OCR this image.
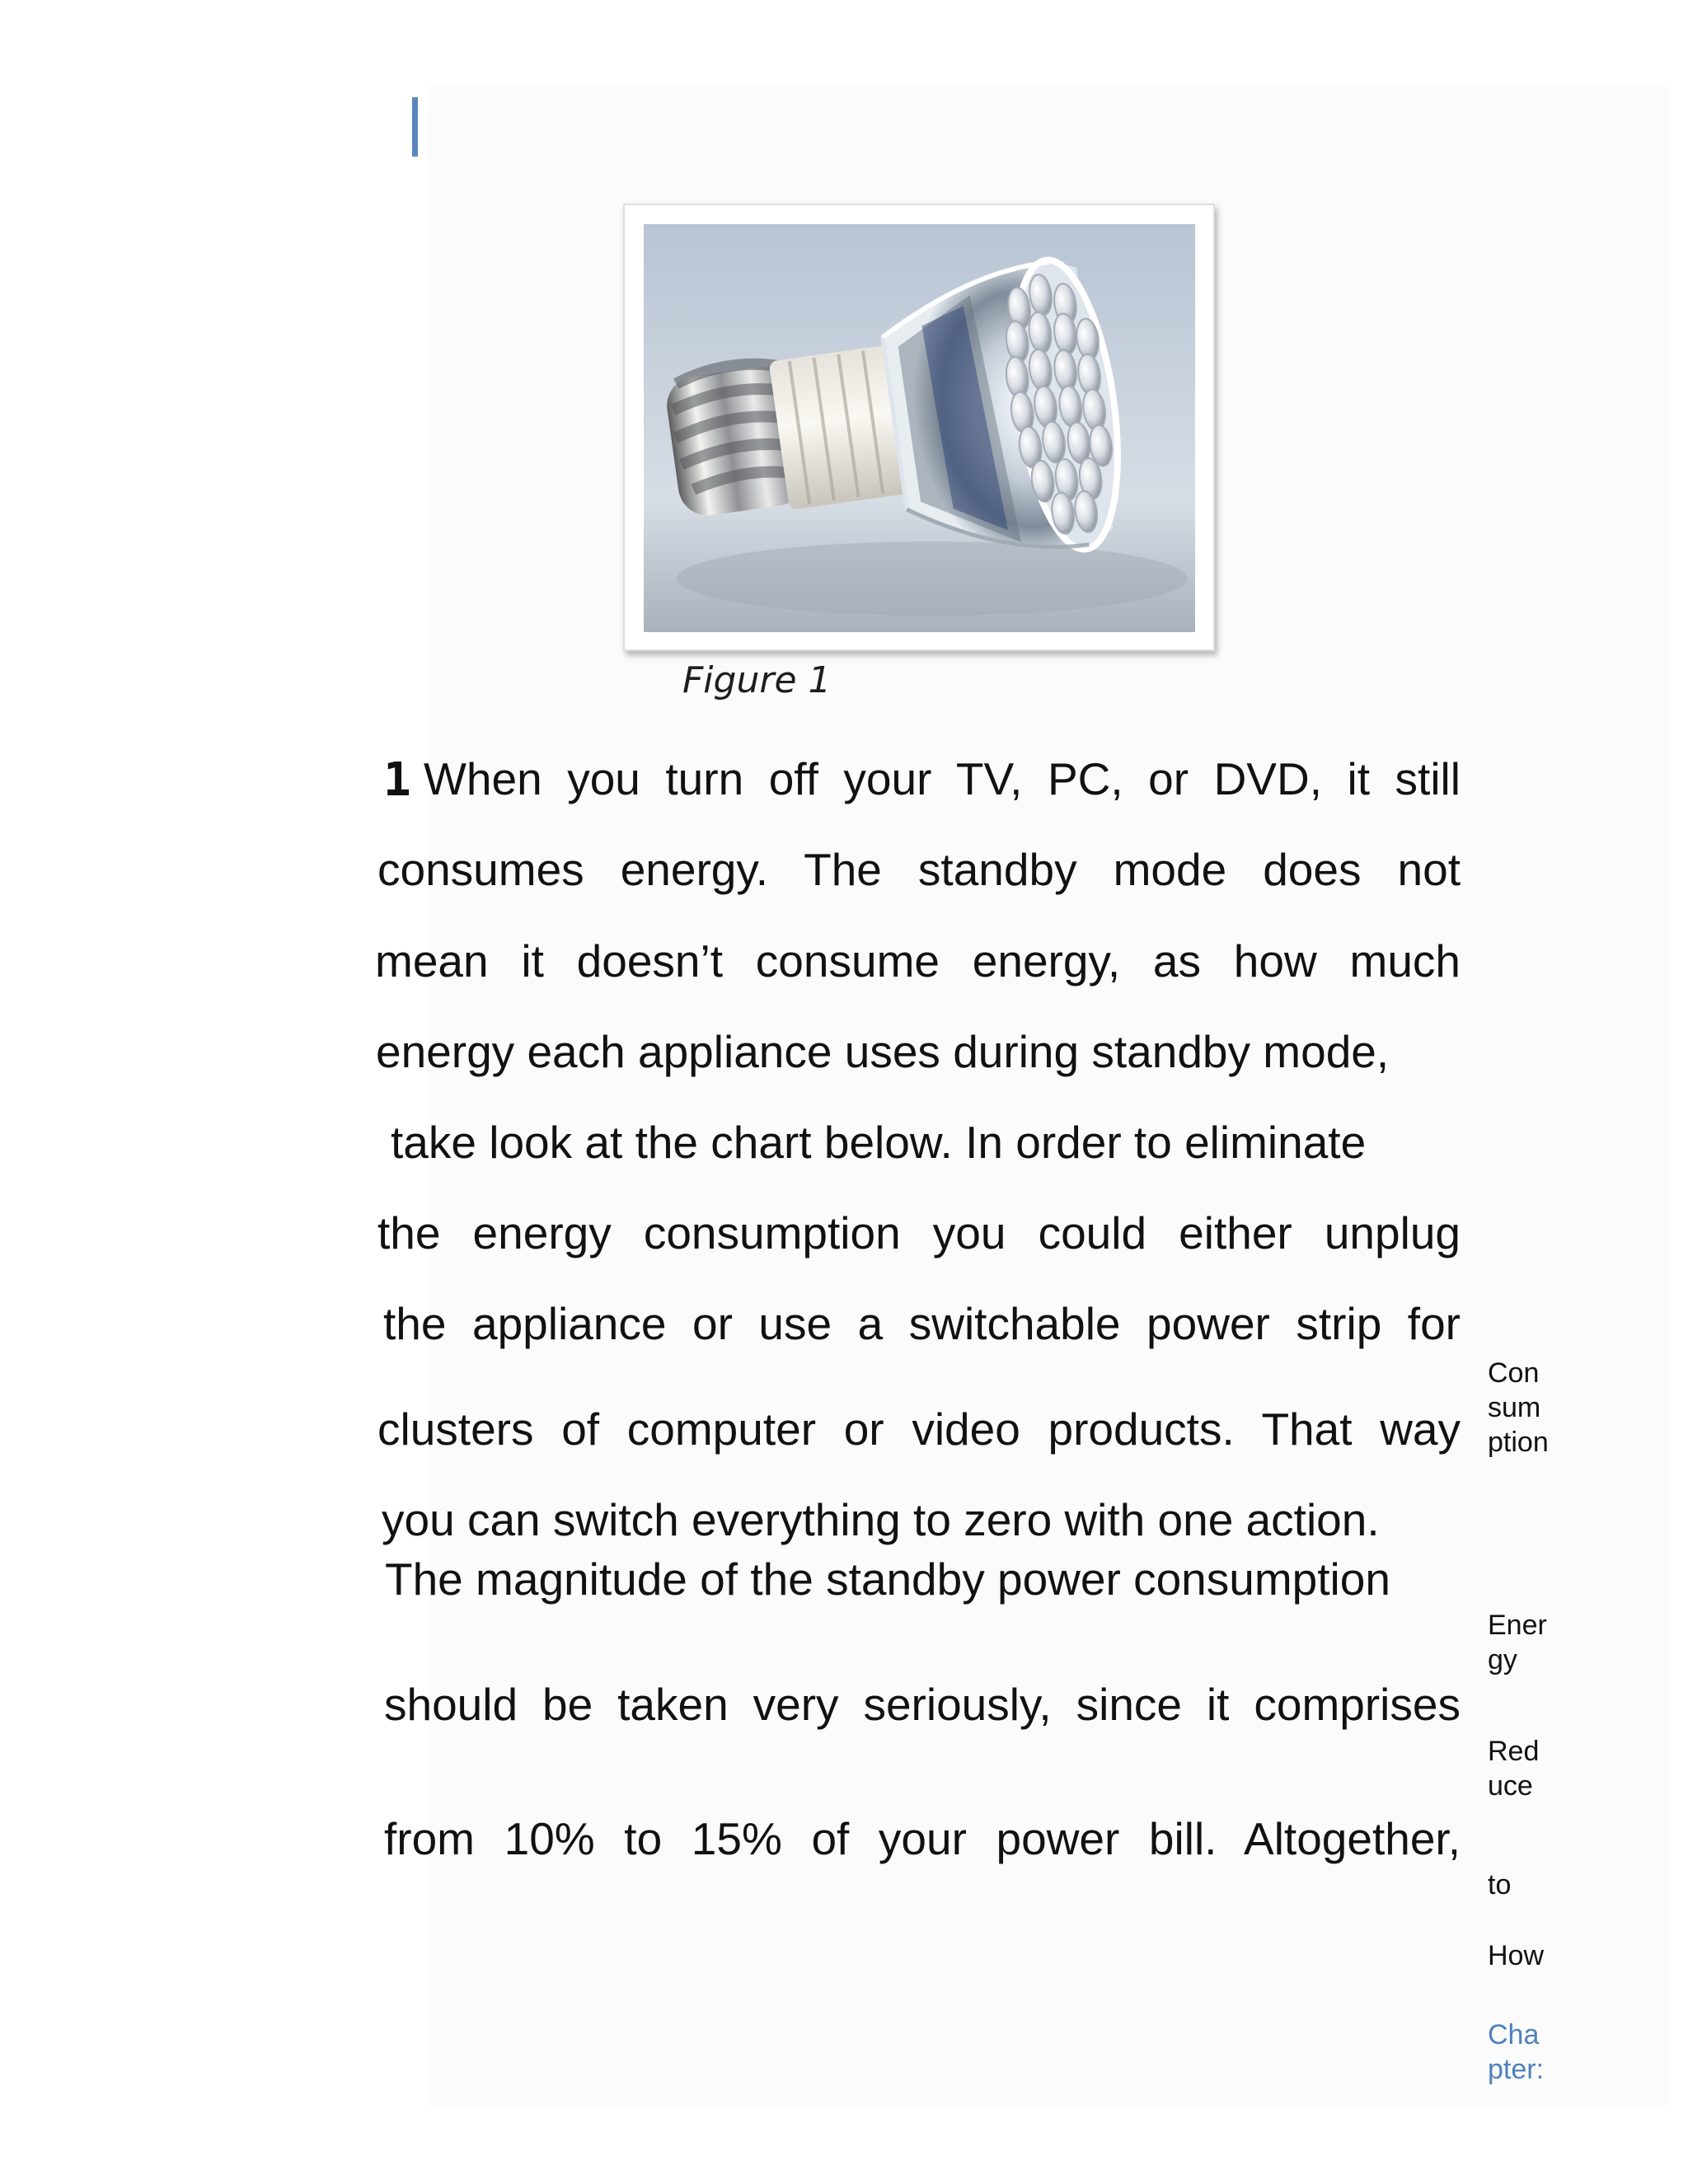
Figure 1
1 When you turn off your TV, PC, or DVD, it still
consumes energy. The standby mode does not
mean it doesn’t consume energy, as how much
energy each appliance uses during standby mode,
take look at the chart below. In order to eliminate
the energy consumption you could either unplug
the appliance or use a switchable power strip for
clusters of computer or video products. That way
you can switch everything to zero with one action.
The magnitude of the standby power consumption
should be taken very seriously, since it comprises
from 10% to 15% of your power bill. Altogether,
Con
sum
ption
Ener
gy
Red
uce
to
How
Cha
pter:
